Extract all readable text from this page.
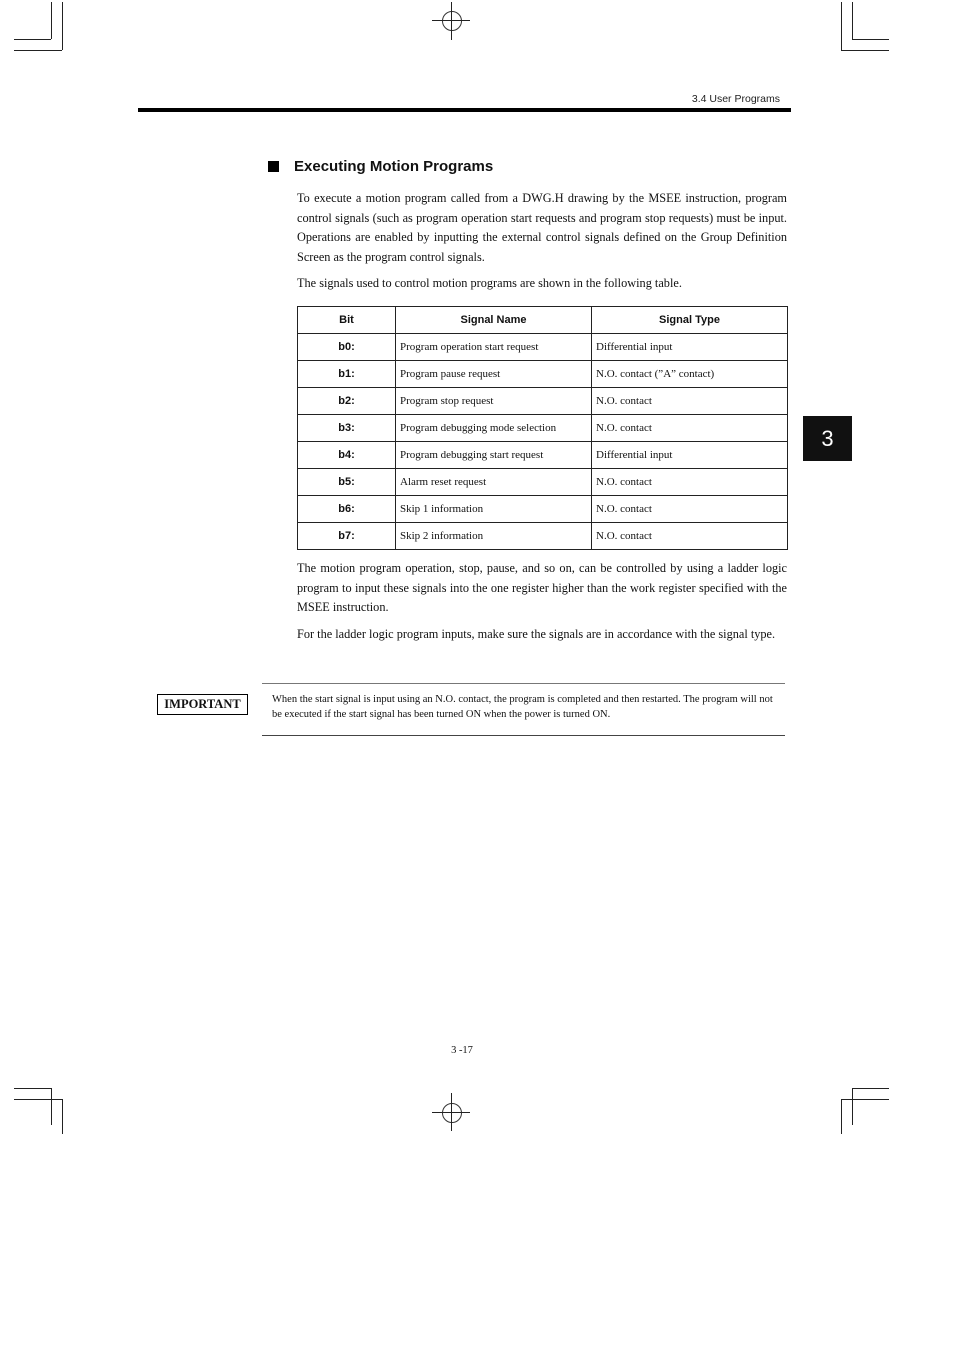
3.4 User Programs
Executing Motion Programs

To execute a motion program called from a DWG.H drawing by the MSEE instruction, program control signals (such as program operation start requests and program stop requests) must be input. Operations are enabled by inputting the external control signals defined on the Group Definition Screen as the program control signals.

The signals used to control motion programs are shown in the following table.

Bit	Signal Name	Signal Type
b0:	Program operation start request	Differential input
b1:	Program pause request	N.O. contact (”A” contact)
b2:	Program stop request	N.O. contact
b3:	Program debugging mode selection	N.O. contact
b4:	Program debugging start request	Differential input
b5:	Alarm reset request	N.O. contact
b6:	Skip 1 information	N.O. contact
b7:	Skip 2 information	N.O. contact
3

The motion program operation, stop, pause, and so on, can be controlled by using a ladder logic program to input these signals into the one register higher than the work register specified with the MSEE instruction.

For the ladder logic program inputs, make sure the signals are in accordance with the signal type.

IMPORTANT	When the start signal is input using an N.O. contact, the program is completed and then restarted. The program will not be executed if the start signal has been turned ON when the power is turned ON.

3 -17
